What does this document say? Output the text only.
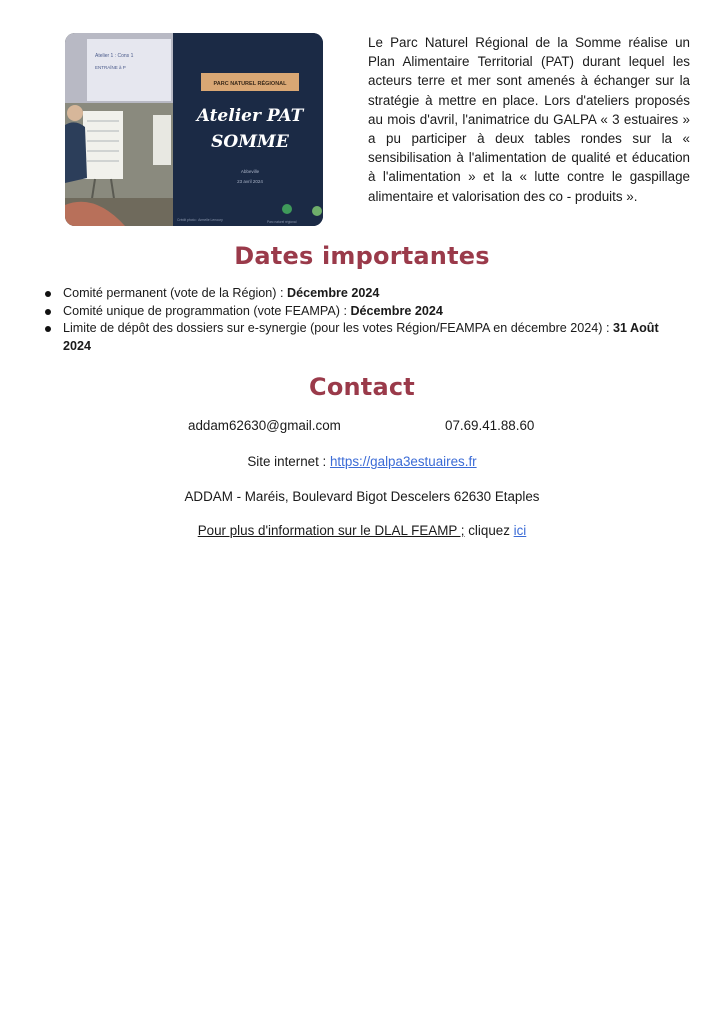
Atelier 1 : Cons 1
ENTRAÎNE à P
PARC NATUREL RÉGIONAL
Atelier PAT
SOMME
Abbeville
23 avril 2024
Crédit photo : Armelle Lenoury	Parc naturel régional

Le Parc Naturel Régional de la Somme réalise un Plan Alimentaire Territorial (PAT) durant lequel les acteurs terre et mer sont amenés à échanger sur la stratégie à mettre en place. Lors d'ateliers proposés au mois d'avril, l'animatrice du GALPA « 3 estuaires » a pu participer à deux tables rondes sur la « sensibilisation à l'alimentation de qualité et éducation à l'alimentation » et la « lutte contre le gaspillage alimentaire et valorisation des co - produits ».

Dates importantes
Comité permanent (vote de la Région) : Décembre 2024
Comité unique de programmation (vote FEAMPA) : Décembre 2024
Limite de dépôt des dossiers sur e-synergie (pour les votes Région/FEAMPA en décembre 2024) : 31 Août 2024
Contact
addam62630@gmail.com	07.69.41.88.60
Site internet : https://galpa3estuaires.fr
ADDAM - Maréis, Boulevard Bigot Descelers 62630 Etaples
Pour plus d'information sur le DLAL FEAMP ; cliquez ici
